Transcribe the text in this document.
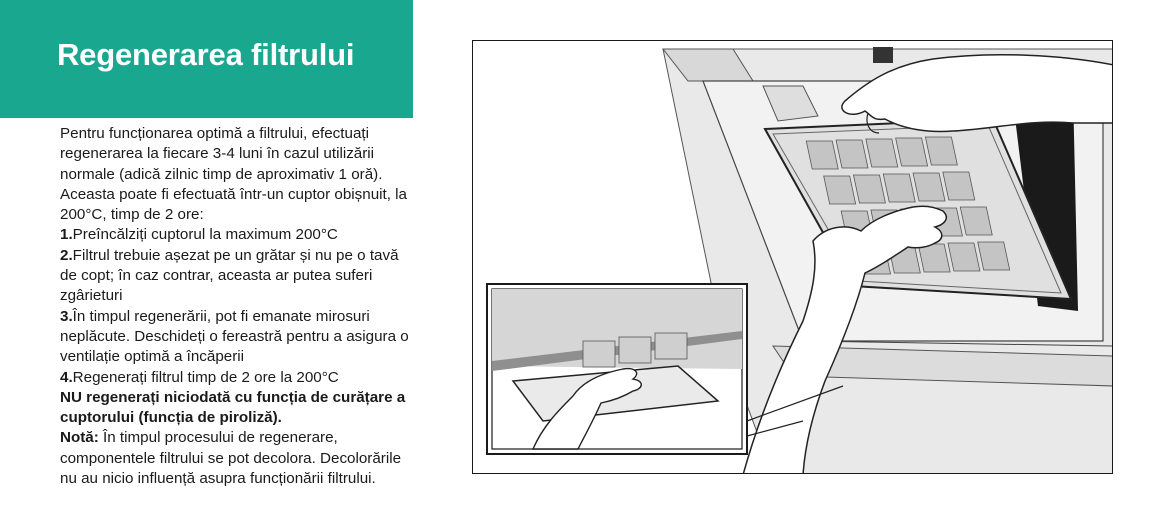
Regenerarea filtrului

Pentru funcționarea optimă a filtrului, efectuați regenerarea la fiecare 3-4 luni în cazul utilizării normale (adică zilnic timp de aproximativ 1 oră). Aceasta poate fi efectuată într-un cuptor obișnuit, la 200°C, timp de 2 ore:

1.Preîncălziți cuptorul la maximum 200°C

2.Filtrul trebuie așezat pe un grătar și nu pe o tavă de copt; în caz contrar, aceasta ar putea suferi zgârieturi

3.În timpul regenerării, pot fi emanate mirosuri neplăcute. Deschideți o fereastră pentru a asigura o ventilație optimă a încăperii

4.Regenerați filtrul timp de 2 ore la 200°C

NU regenerați niciodată cu funcția de curățare a cuptorului (funcția de piroliză).

Notă: În timpul procesului de regenerare, componentele filtrului se pot decolora. Decolorările nu au nicio influență asupra funcționării filtrului.
